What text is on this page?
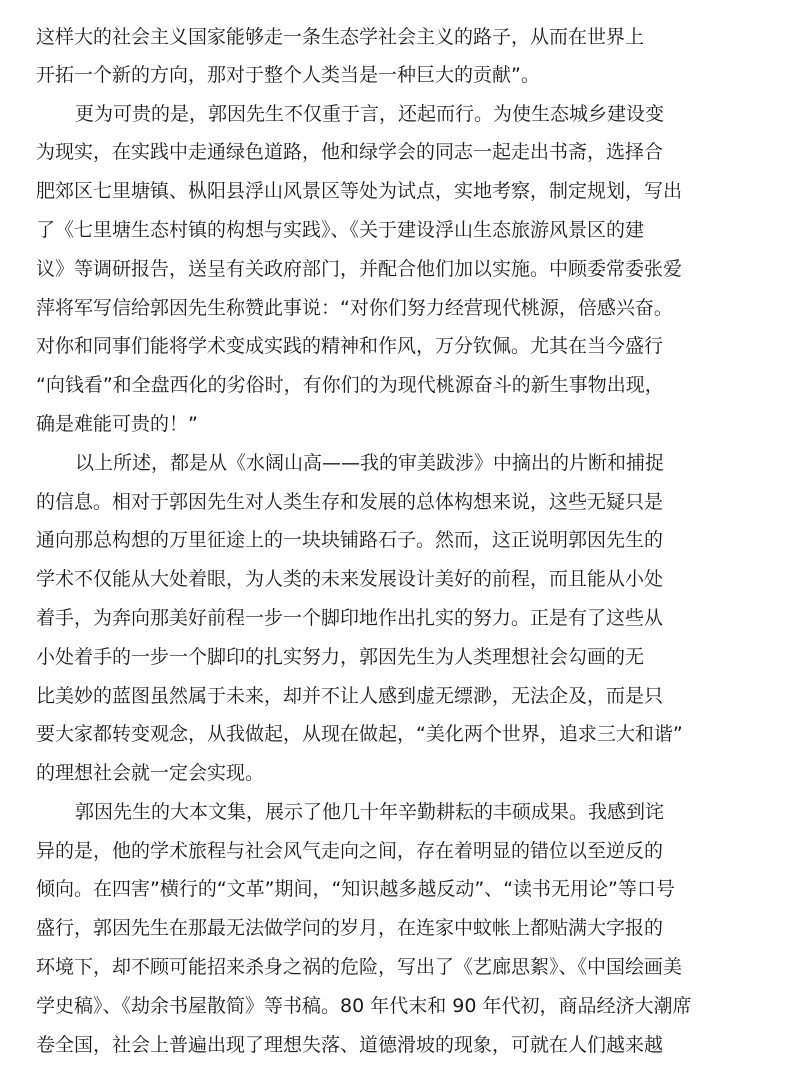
这样大的社会主义国家能够走一条生态学社会主义的路子，从而在世界上
开拓一个新的方向，那对于整个人类当是一种巨大的贡献”。
更为可贵的是，郭因先生不仅重于言，还起而行。为使生态城乡建设变
为现实，在实践中走通绿色道路，他和绿学会的同志一起走出书斋，选择合
肥郊区七里塘镇、枞阳县浮山风景区等处为试点，实地考察，制定规划，写出
了《七里塘生态村镇的构想与实践》、《关于建设浮山生态旅游风景区的建
议》等调研报告，送呈有关政府部门，并配合他们加以实施。中顾委常委张爱
萍将军写信给郭因先生称赞此事说：“对你们努力经营现代桃源，倍感兴奋。
对你和同事们能将学术变成实践的精神和作风，万分钦佩。尤其在当今盛行
“向钱看”和全盘西化的劣俗时，有你们的为现代桃源奋斗的新生事物出现，
确是难能可贵的！”
以上所述，都是从《水阔山高——我的审美跋涉》中摘出的片断和捕捉
的信息。相对于郭因先生对人类生存和发展的总体构想来说，这些无疑只是
通向那总构想的万里征途上的一块块铺路石子。然而，这正说明郭因先生的
学术不仅能从大处着眼，为人类的未来发展设计美好的前程，而且能从小处
着手，为奔向那美好前程一步一个脚印地作出扎实的努力。正是有了这些从
小处着手的一步一个脚印的扎实努力，郭因先生为人类理想社会勾画的无
比美妙的蓝图虽然属于未来，却并不让人感到虚无缥渺，无法企及，而是只
要大家都转变观念，从我做起，从现在做起，“美化两个世界，追求三大和谐”
的理想社会就一定会实现。
郭因先生的大本文集，展示了他几十年辛勤耕耘的丰硕成果。我感到诧
异的是，他的学术旅程与社会风气走向之间，存在着明显的错位以至逆反的
倾向。在四害”横行的“文革”期间，“知识越多越反动”、“读书无用论”等口号
盛行，郭因先生在那最无法做学问的岁月，在连家中蚊帐上都贴满大字报的
环境下，却不顾可能招来杀身之祸的危险，写出了《艺廊思絮》、《中国绘画美
学史稿》、《劫余书屋散简》等书稿。80 年代末和 90 年代初，商品经济大潮席
卷全国，社会上普遍出现了理想失落、道德滑坡的现象，可就在人们越来越
